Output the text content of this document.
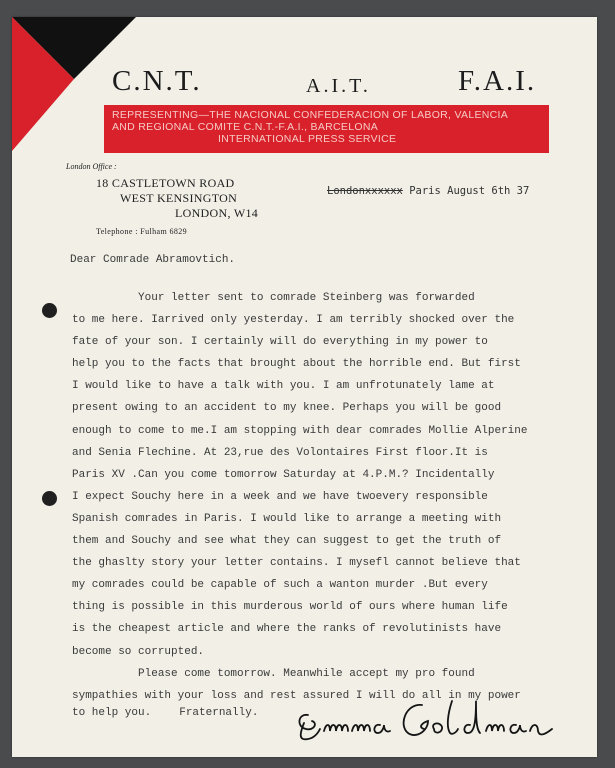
C.N.T.	A.I.T.	F.A.I.
REPRESENTING—THE NACIONAL CONFEDERACION OF LABOR, VALENCIA
AND REGIONAL COMITE C.N.T.-F.A.I., BARCELONA
INTERNATIONAL PRESS SERVICE
London Office :
18 CASTLETOWN ROAD
WEST KENSINGTON
LONDON, W14
Telephone : Fulham 6829
Londonxxxxxx Paris August 6th 37
Dear Comrade Abramovtich.
Your letter sent to comrade Steinberg was forwarded
to me here. Iarrived only yesterday. I am terribly shocked over the
fate of your son. I certainly will do everything in my power to
help you to the facts that brought about the horrible end. But first
I would like to have a talk with you. I am unfrotunately lame at
present owing to an accident to my knee. Perhaps you will be good
enough to come to me.I am stopping with dear comrades Mollie Alperine
and Senia Flechine. At 23,rue des Volontaires First floor.It is
Paris XV .Can you come tomorrow Saturday at 4.P.M.? Incidentally
I expect Souchy here in a week and we have twoevery responsible
Spanish comrades in Paris. I would like to arrange a meeting with
them and Souchy and see what they can suggest to get the truth of
the ghaslty story your letter contains. I mysefl cannot believe that
my comrades could be capable of such a wanton murder .But every
thing is possible in this murderous world of ours where human life
is the cheapest article and where the ranks of revolutinists have
become so corrupted.
Please come tomorrow. Meanwhile accept my pro found
sympathies with your loss and rest assured I will do all in my power
to help you.	Fraternally.
